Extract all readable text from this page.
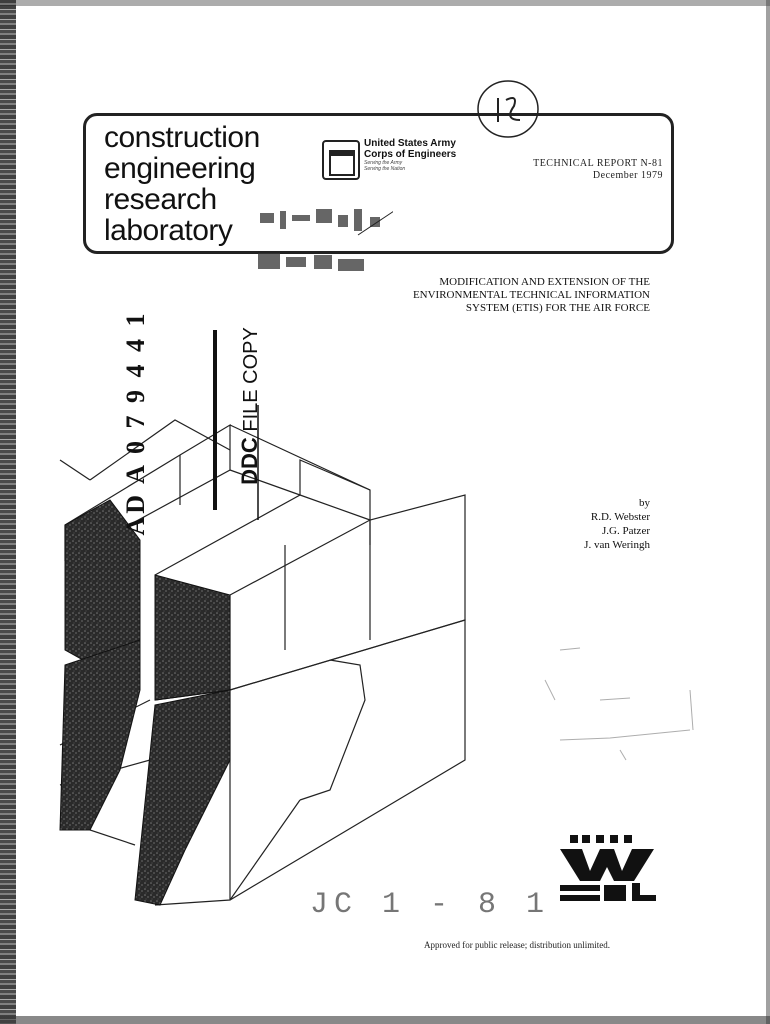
construction
engineering
research
laboratory
United States Army
Corps of Engineers
Serving the Army
Serving the Nation	TECHNICAL REPORT N-81
December 1979
MODIFICATION AND EXTENSION OF THE
ENVIRONMENTAL TECHNICAL INFORMATION
SYSTEM (ETIS) FOR THE AIR FORCE
AD A 0 7 9 4 4 1	DDC FILE COPY
by
R.D. Webster
J.G. Patzer
J. van Weringh
JC 1 - 8 1
Approved for public release; distribution unlimited.
